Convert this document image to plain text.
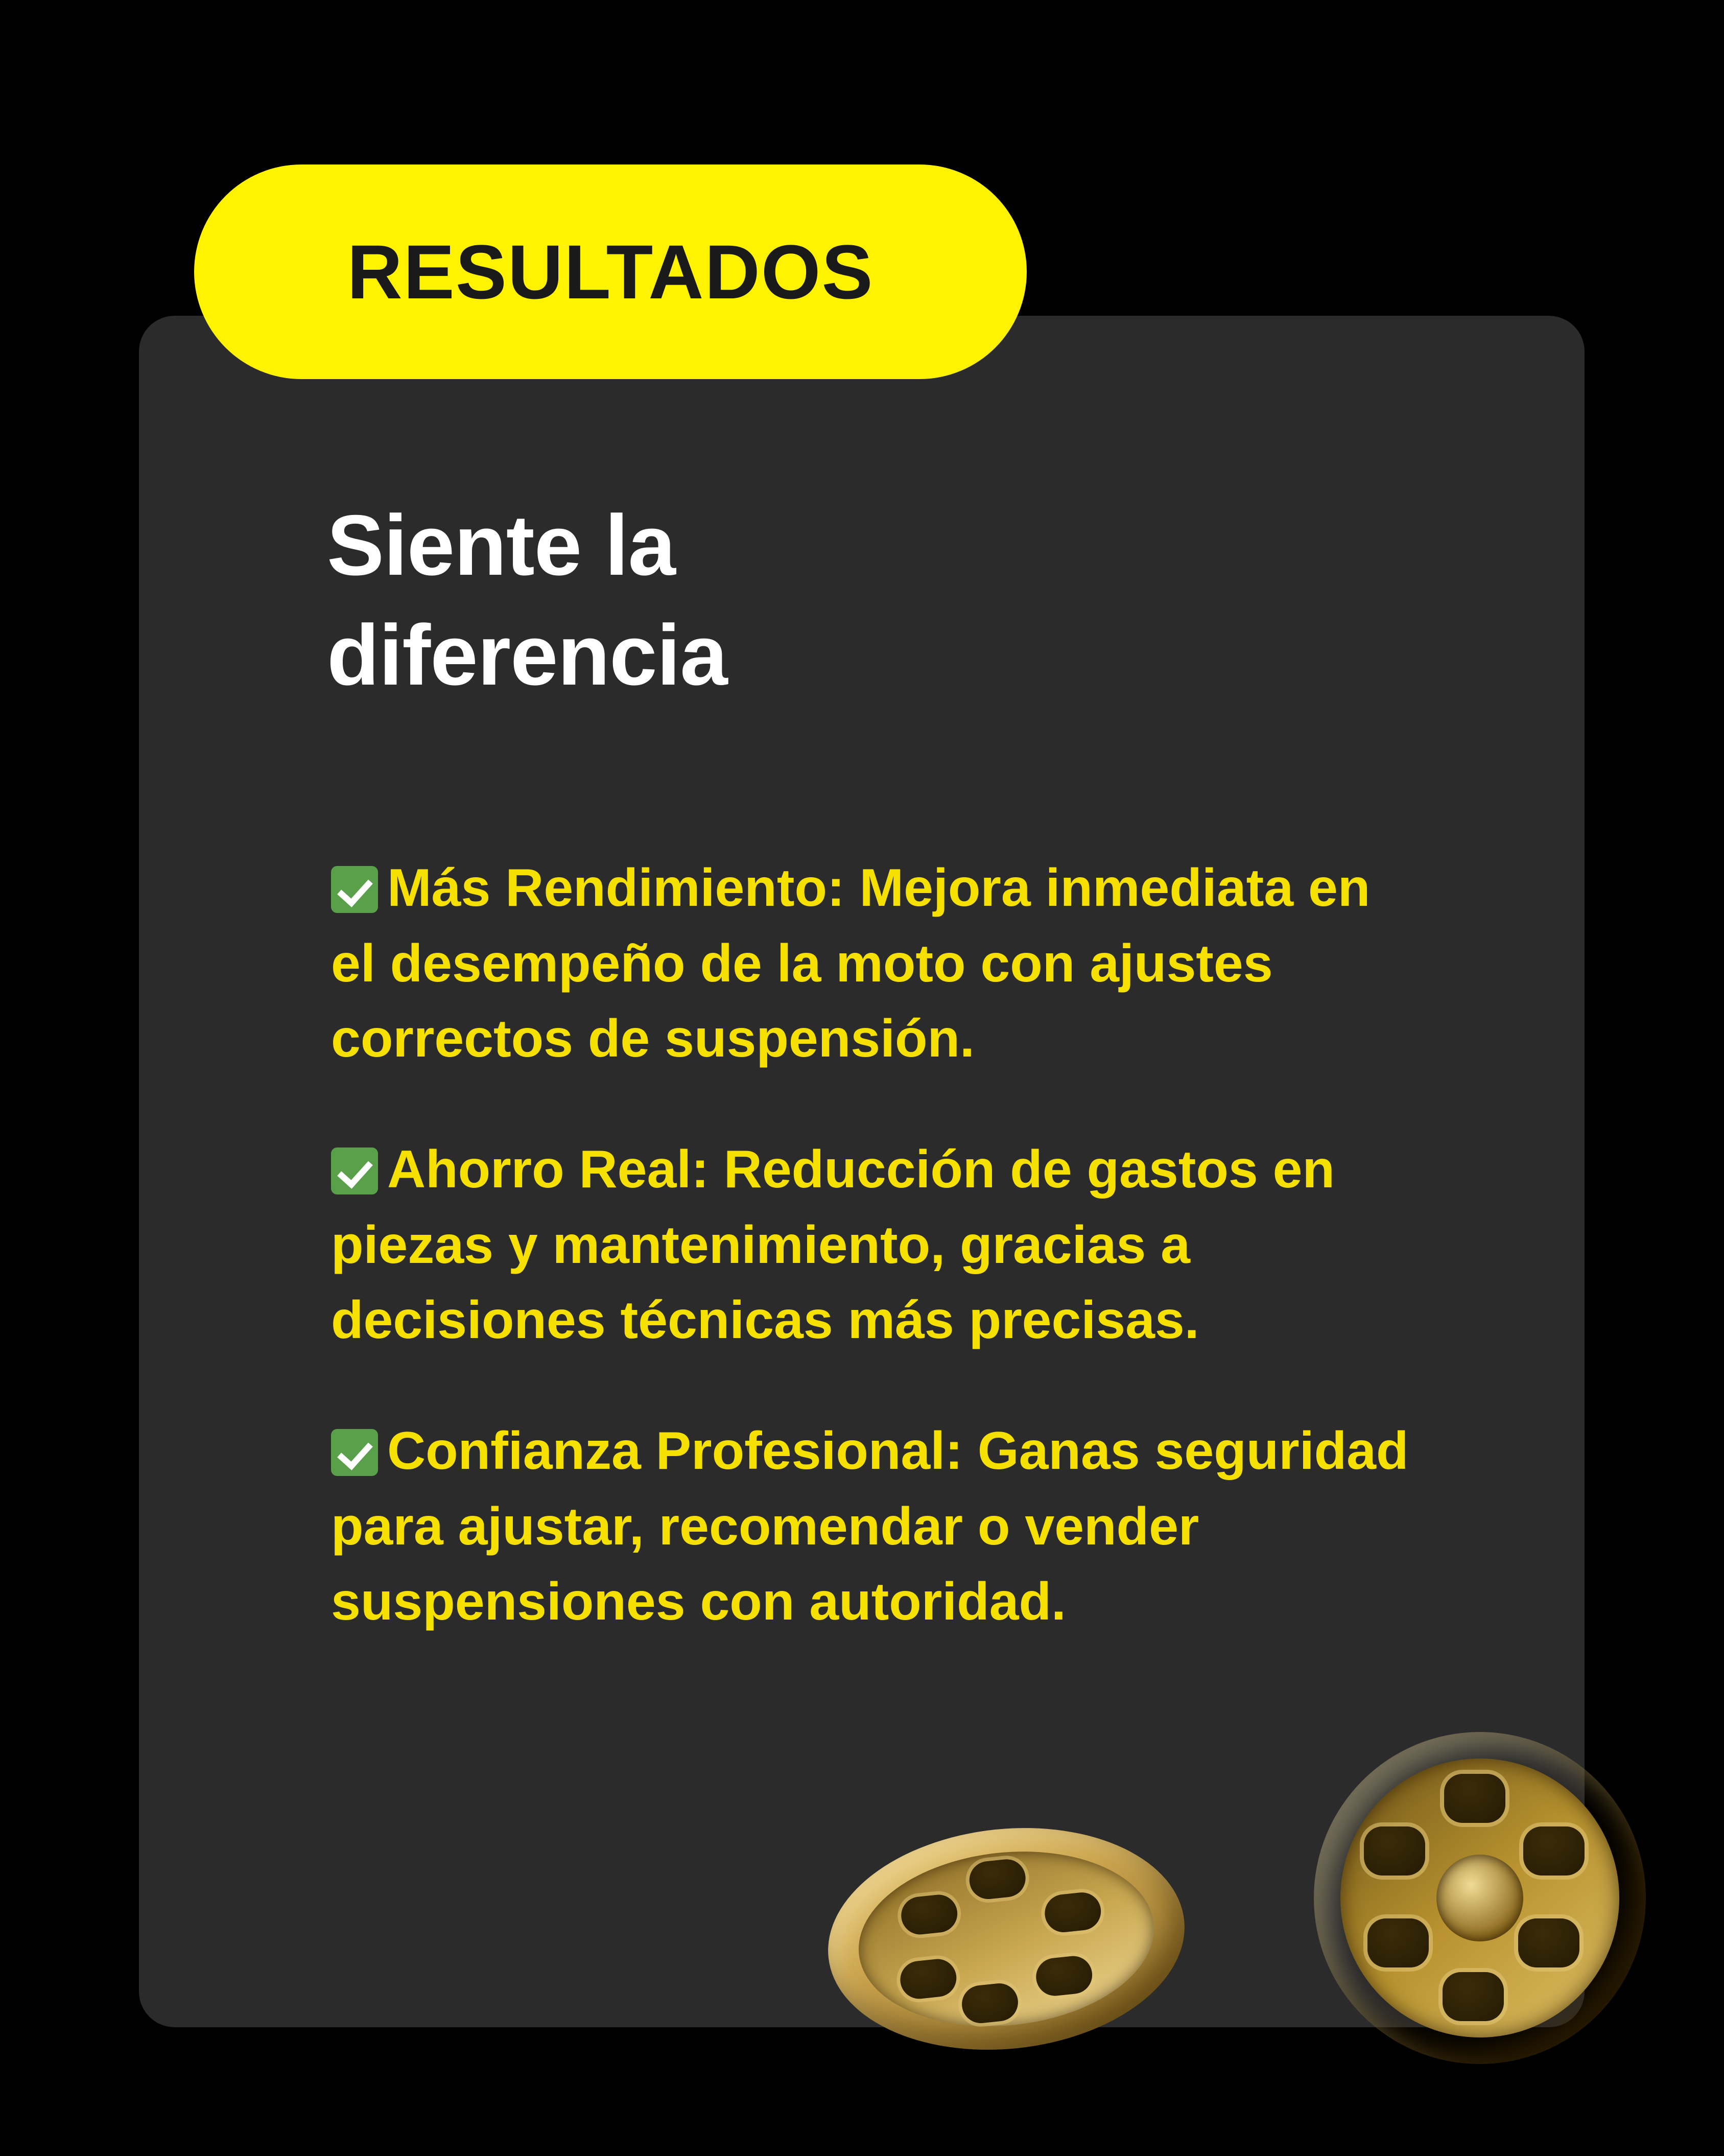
RESULTADOS
Siente la
diferencia
Más Rendimiento: Mejora inmediata en el desempeño de la moto con ajustes correctos de suspensión.
Ahorro Real: Reducción de gastos en piezas y mantenimiento, gracias a decisiones técnicas más precisas.
Confianza Profesional: Ganas seguridad para ajustar, recomendar o vender suspensiones con autoridad.
